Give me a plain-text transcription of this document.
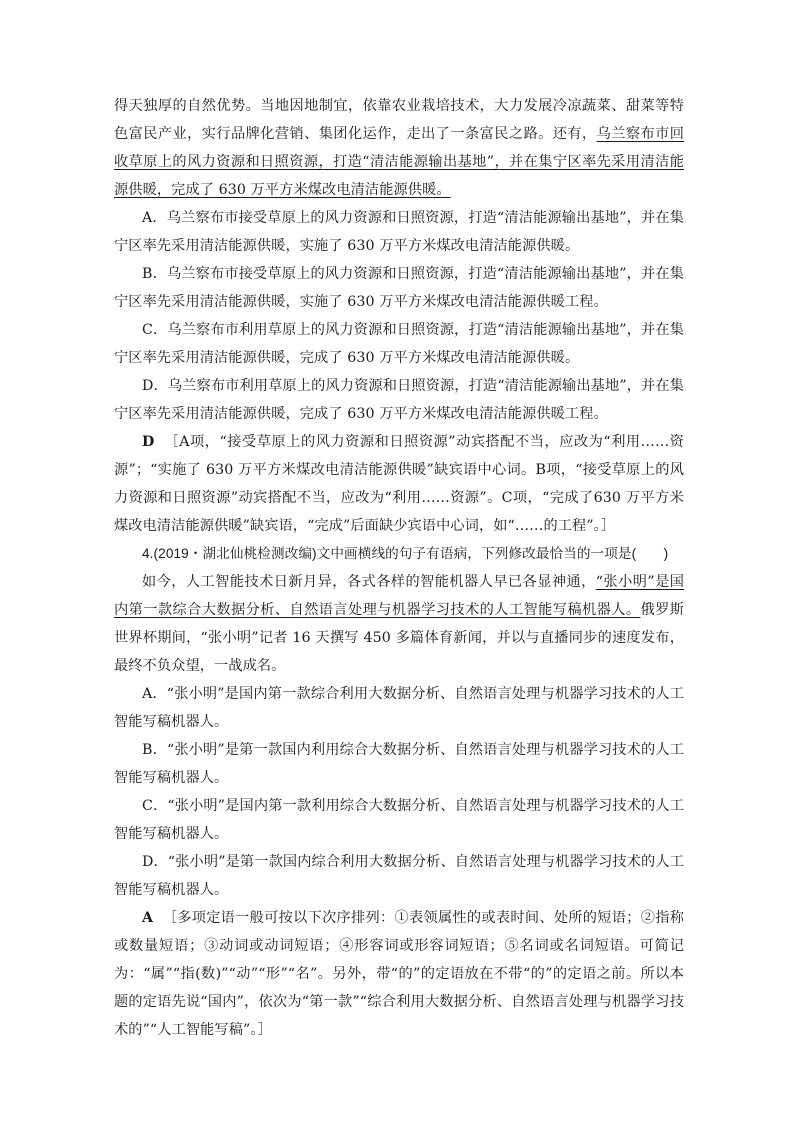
得天独厚的自然优势。当地因地制宜，依靠农业栽培技术，大力发展冷凉蔬菜、甜菜等特色富民产业，实行品牌化营销、集团化运作，走出了一条富民之路。还有，乌兰察布市回收草原上的风力资源和日照资源，打造“清洁能源输出基地”，并在集宁区率先采用清洁能源供暖，完成了 630 万平方米煤改电清洁能源供暖。

A．乌兰察布市接受草原上的风力资源和日照资源，打造“清洁能源输出基地”，并在集宁区率先采用清洁能源供暖，实施了 630 万平方米煤改电清洁能源供暖。

B．乌兰察布市接受草原上的风力资源和日照资源，打造“清洁能源输出基地”，并在集宁区率先采用清洁能源供暖，实施了 630 万平方米煤改电清洁能源供暖工程。

C．乌兰察布市利用草原上的风力资源和日照资源，打造“清洁能源输出基地”，并在集宁区率先采用清洁能源供暖，完成了 630 万平方米煤改电清洁能源供暖。

D．乌兰察布市利用草原上的风力资源和日照资源，打造“清洁能源输出基地”，并在集宁区率先采用清洁能源供暖，完成了 630 万平方米煤改电清洁能源供暖工程。

D ［A项，“接受草原上的风力资源和日照资源”动宾搭配不当，应改为“利用……资源”；“实施了 630 万平方米煤改电清洁能源供暖”缺宾语中心词。B项，“接受草原上的风力资源和日照资源”动宾搭配不当，应改为“利用……资源”。C项，“完成了630 万平方米煤改电清洁能源供暖”缺宾语，“完成”后面缺少宾语中心词，如“……的工程”。］

4.(2019・湖北仙桃检测改编)文中画横线的句子有语病，下列修改最恰当的一项是(　　)

如今，人工智能技术日新月异，各式各样的智能机器人早已各显神通，“张小明”是国内第一款综合大数据分析、自然语言处理与机器学习技术的人工智能写稿机器人。俄罗斯世界杯期间，“张小明”记者 16 天撰写 450 多篇体育新闻，并以与直播同步的速度发布，最终不负众望，一战成名。

A．“张小明”是国内第一款综合利用大数据分析、自然语言处理与机器学习技术的人工智能写稿机器人。

B．“张小明”是第一款国内利用综合大数据分析、自然语言处理与机器学习技术的人工智能写稿机器人。

C．“张小明”是国内第一款利用综合大数据分析、自然语言处理与机器学习技术的人工智能写稿机器人。

D．“张小明”是第一款国内综合利用大数据分析、自然语言处理与机器学习技术的人工智能写稿机器人。

A ［多项定语一般可按以下次序排列：①表领属性的或表时间、处所的短语；②指称或数量短语；③动词或动词短语；④形容词或形容词短语；⑤名词或名词短语。可简记为：“属”“指(数)”“动”“形”“名”。另外，带“的”的定语放在不带“的”的定语之前。所以本题的定语先说“国内”，依次为“第一款”“综合利用大数据分析、自然语言处理与机器学习技术的”“人工智能写稿”。］
